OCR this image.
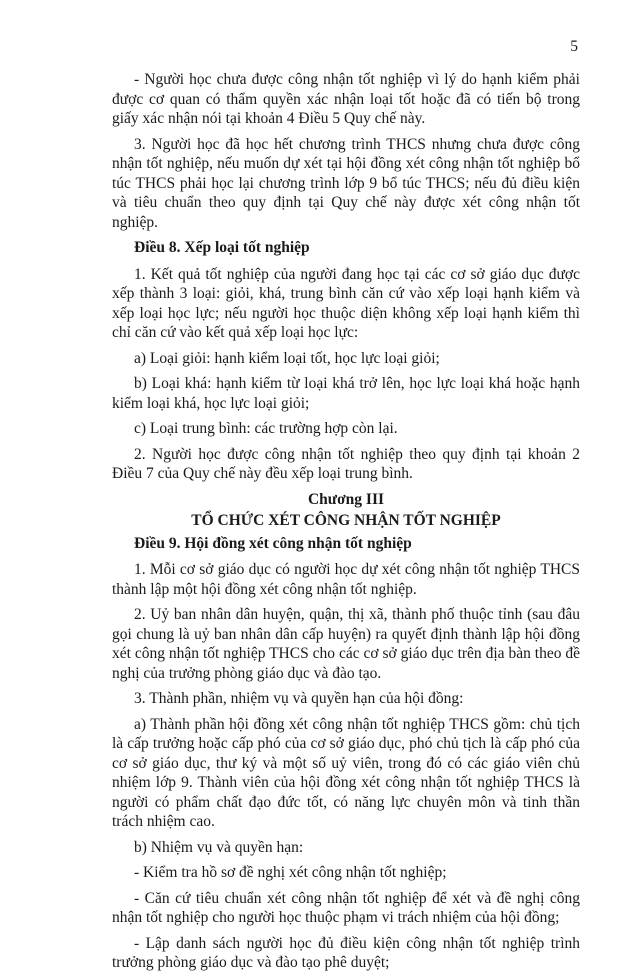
5

- Người học chưa được công nhận tốt nghiệp vì lý do hạnh kiểm phải được cơ quan có thẩm quyền xác nhận loại tốt hoặc đã có tiến bộ trong giấy xác nhận nói tại khoản 4 Điều 5 Quy chế này.

3. Người học đã học hết chương trình THCS nhưng chưa được công nhận tốt nghiệp, nếu muốn dự xét tại hội đồng xét công nhận tốt nghiệp bổ túc THCS phải học lại chương trình lớp 9 bổ túc THCS; nếu đủ điều kiện và tiêu chuẩn theo quy định tại Quy chế này được xét công nhận tốt nghiệp.

Điều 8. Xếp loại tốt nghiệp

1. Kết quả tốt nghiệp của người đang học tại các cơ sở giáo dục được xếp thành 3 loại: giỏi, khá, trung bình căn cứ vào xếp loại hạnh kiểm và xếp loại học lực; nếu người học thuộc diện không xếp loại hạnh kiểm thì chỉ căn cứ vào kết quả xếp loại học lực:

a) Loại giỏi: hạnh kiểm loại tốt, học lực loại giỏi;

b) Loại khá: hạnh kiểm từ loại khá trở lên, học lực loại khá hoặc hạnh kiểm loại khá, học lực loại giỏi;

c) Loại trung bình: các trường hợp còn lại.

2. Người học được công nhận tốt nghiệp theo quy định tại khoản 2 Điều 7 của Quy chế này đều xếp loại trung bình.

Chương III

TỔ CHỨC XÉT CÔNG NHẬN TỐT NGHIỆP

Điều 9. Hội đồng xét công nhận tốt nghiệp

1. Mỗi cơ sở giáo dục có người học dự xét công nhận tốt nghiệp THCS thành lập một hội đồng xét công nhận tốt nghiệp.

2. Uỷ ban nhân dân huyện, quận, thị xã, thành phố thuộc tỉnh (sau đâu gọi chung là uỷ ban nhân dân cấp huyện) ra quyết định thành lập hội đồng xét công nhận tốt nghiệp THCS cho các cơ sở giáo dục trên địa bàn theo đề nghị của trưởng phòng giáo dục và đào tạo.

3. Thành phần, nhiệm vụ và quyền hạn của hội đồng:

a) Thành phần hội đồng xét công nhận tốt nghiệp THCS gồm: chủ tịch là cấp trưởng hoặc cấp phó của cơ sở giáo dục, phó chủ tịch là cấp phó của cơ sở giáo dục, thư ký và một số uỷ viên, trong đó có các giáo viên chủ nhiệm lớp 9. Thành viên của hội đồng xét công nhận tốt nghiệp THCS là người có phẩm chất đạo đức tốt, có năng lực chuyên môn và tinh thần trách nhiệm cao.

b) Nhiệm vụ và quyền hạn:

- Kiểm tra hồ sơ đề nghị xét công nhận tốt nghiệp;

- Căn cứ tiêu chuẩn xét công nhận tốt nghiệp để xét và đề nghị công nhận tốt nghiệp cho người học thuộc phạm vi trách nhiệm của hội đồng;

- Lập danh sách người học đủ điều kiện công nhận tốt nghiệp trình trưởng phòng giáo dục và đào tạo phê duyệt;
